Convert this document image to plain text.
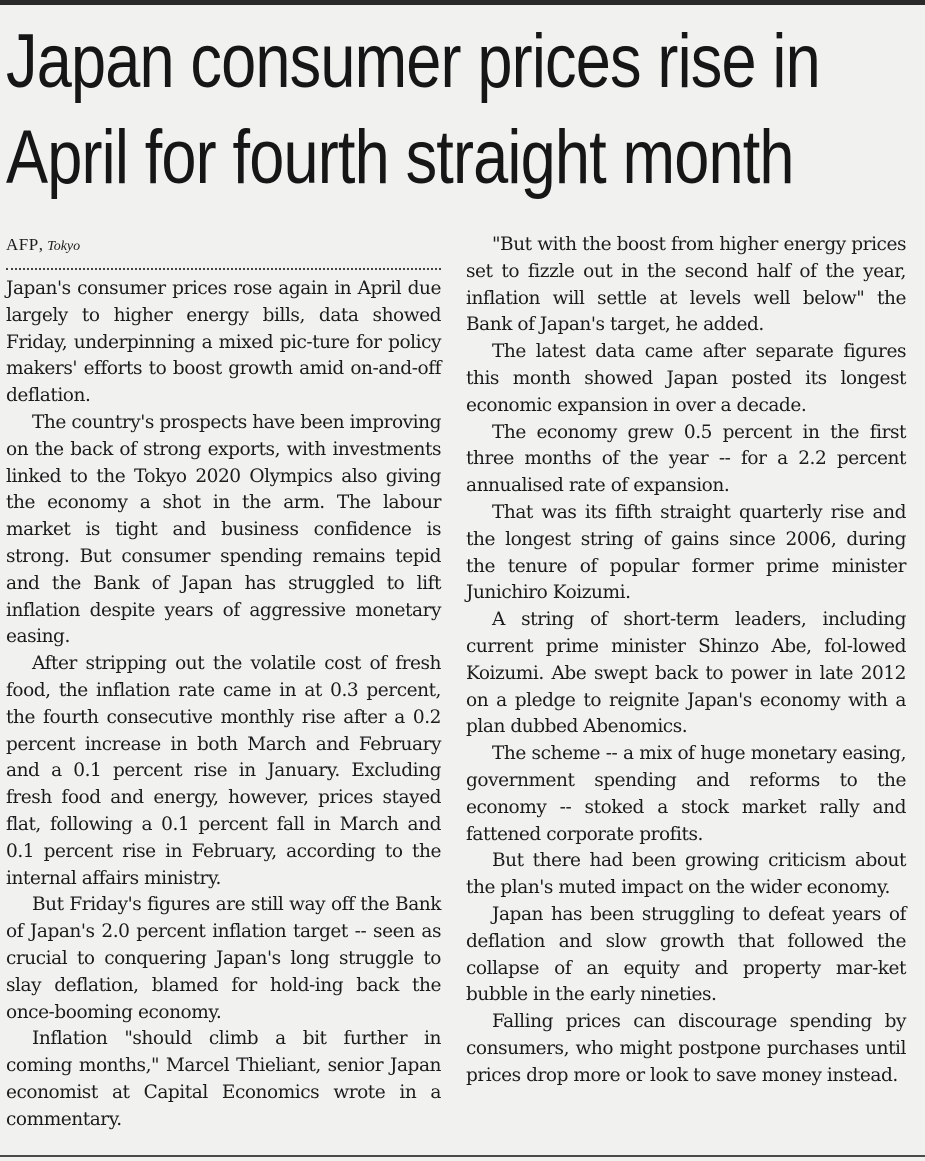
Japan consumer prices rise in
April for fourth straight month
AFP, Tokyo

Japan's consumer prices rose again in April due largely to higher energy bills, data showed Friday, underpinning a mixed pic-ture for policy makers' efforts to boost growth amid on-and-off deflation.

The country's prospects have been improving on the back of strong exports, with investments linked to the Tokyo 2020 Olympics also giving the economy a shot in the arm. The labour market is tight and business confidence is strong. But consumer spending remains tepid and the Bank of Japan has struggled to lift inflation despite years of aggressive monetary easing.

After stripping out the volatile cost of fresh food, the inflation rate came in at 0.3 percent, the fourth consecutive monthly rise after a 0.2 percent increase in both March and February and a 0.1 percent rise in January. Excluding fresh food and energy, however, prices stayed flat, following a 0.1 percent fall in March and 0.1 percent rise in February, according to the internal affairs ministry.

But Friday's figures are still way off the Bank of Japan's 2.0 percent inflation target -- seen as crucial to conquering Japan's long struggle to slay deflation, blamed for hold-ing back the once-booming economy.

Inflation "should climb a bit further in coming months," Marcel Thieliant, senior Japan economist at Capital Economics wrote in a commentary.

"But with the boost from higher energy prices set to fizzle out in the second half of the year, inflation will settle at levels well below" the Bank of Japan's target, he added.

The latest data came after separate figures this month showed Japan posted its longest economic expansion in over a decade.

The economy grew 0.5 percent in the first three months of the year -- for a 2.2 percent annualised rate of expansion.

That was its fifth straight quarterly rise and the longest string of gains since 2006, during the tenure of popular former prime minister Junichiro Koizumi.

A string of short-term leaders, including current prime minister Shinzo Abe, fol-lowed Koizumi. Abe swept back to power in late 2012 on a pledge to reignite Japan's economy with a plan dubbed Abenomics.

The scheme -- a mix of huge monetary easing, government spending and reforms to the economy -- stoked a stock market rally and fattened corporate profits.

But there had been growing criticism about the plan's muted impact on the wider economy.

Japan has been struggling to defeat years of deflation and slow growth that followed the collapse of an equity and property mar-ket bubble in the early nineties.

Falling prices can discourage spending by consumers, who might postpone purchases until prices drop more or look to save money instead.
